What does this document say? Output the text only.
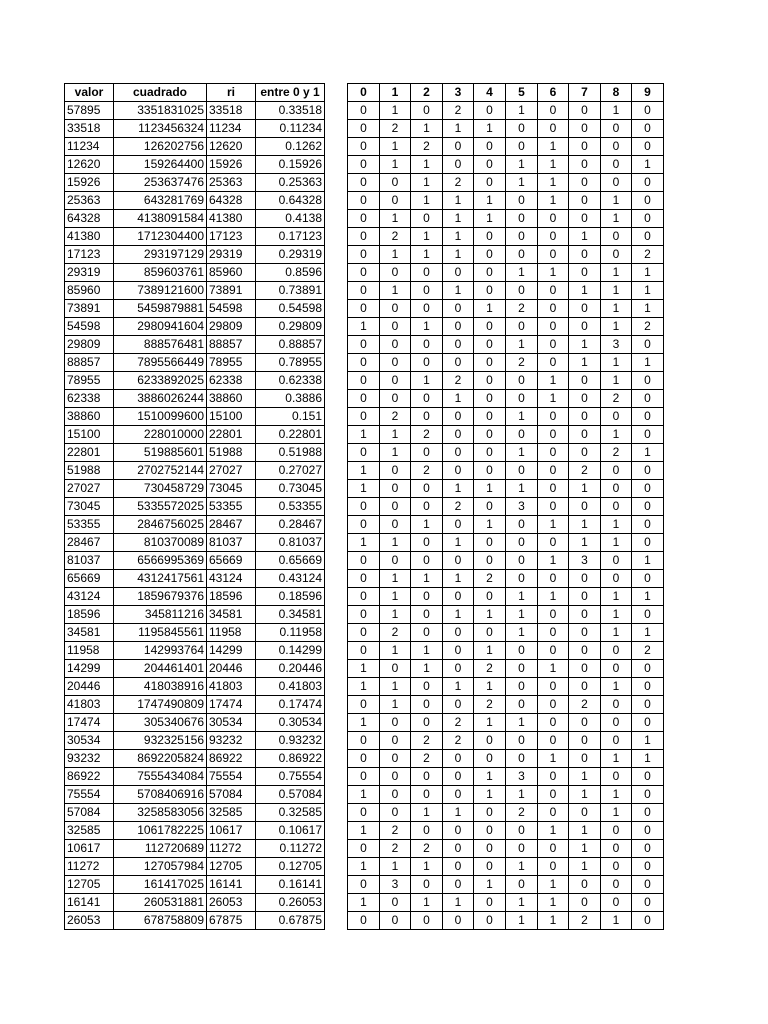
valor	cuadrado	ri	entre 0 y 1
57895	3351831025	33518	0.33518
33518	1123456324	11234	0.11234
11234	126202756	12620	0.1262
12620	159264400	15926	0.15926
15926	253637476	25363	0.25363
25363	643281769	64328	0.64328
64328	4138091584	41380	0.4138
41380	1712304400	17123	0.17123
17123	293197129	29319	0.29319
29319	859603761	85960	0.8596
85960	7389121600	73891	0.73891
73891	5459879881	54598	0.54598
54598	2980941604	29809	0.29809
29809	888576481	88857	0.88857
88857	7895566449	78955	0.78955
78955	6233892025	62338	0.62338
62338	3886026244	38860	0.3886
38860	1510099600	15100	0.151
15100	228010000	22801	0.22801
22801	519885601	51988	0.51988
51988	2702752144	27027	0.27027
27027	730458729	73045	0.73045
73045	5335572025	53355	0.53355
53355	2846756025	28467	0.28467
28467	810370089	81037	0.81037
81037	6566995369	65669	0.65669
65669	4312417561	43124	0.43124
43124	1859679376	18596	0.18596
18596	345811216	34581	0.34581
34581	1195845561	11958	0.11958
11958	142993764	14299	0.14299
14299	204461401	20446	0.20446
20446	418038916	41803	0.41803
41803	1747490809	17474	0.17474
17474	305340676	30534	0.30534
30534	932325156	93232	0.93232
93232	8692205824	86922	0.86922
86922	7555434084	75554	0.75554
75554	5708406916	57084	0.57084
57084	3258583056	32585	0.32585
32585	1061782225	10617	0.10617
10617	112720689	11272	0.11272
11272	127057984	12705	0.12705
12705	161417025	16141	0.16141
16141	260531881	26053	0.26053
26053	678758809	67875	0.67875
0	1	2	3	4	5	6	7	8	9
0	1	0	2	0	1	0	0	1	0
0	2	1	1	1	0	0	0	0	0
0	1	2	0	0	0	1	0	0	0
0	1	1	0	0	1	1	0	0	1
0	0	1	2	0	1	1	0	0	0
0	0	1	1	1	0	1	0	1	0
0	1	0	1	1	0	0	0	1	0
0	2	1	1	0	0	0	1	0	0
0	1	1	1	0	0	0	0	0	2
0	0	0	0	0	1	1	0	1	1
0	1	0	1	0	0	0	1	1	1
0	0	0	0	1	2	0	0	1	1
1	0	1	0	0	0	0	0	1	2
0	0	0	0	0	1	0	1	3	0
0	0	0	0	0	2	0	1	1	1
0	0	1	2	0	0	1	0	1	0
0	0	0	1	0	0	1	0	2	0
0	2	0	0	0	1	0	0	0	0
1	1	2	0	0	0	0	0	1	0
0	1	0	0	0	1	0	0	2	1
1	0	2	0	0	0	0	2	0	0
1	0	0	1	1	1	0	1	0	0
0	0	0	2	0	3	0	0	0	0
0	0	1	0	1	0	1	1	1	0
1	1	0	1	0	0	0	1	1	0
0	0	0	0	0	0	1	3	0	1
0	1	1	1	2	0	0	0	0	0
0	1	0	0	0	1	1	0	1	1
0	1	0	1	1	1	0	0	1	0
0	2	0	0	0	1	0	0	1	1
0	1	1	0	1	0	0	0	0	2
1	0	1	0	2	0	1	0	0	0
1	1	0	1	1	0	0	0	1	0
0	1	0	0	2	0	0	2	0	0
1	0	0	2	1	1	0	0	0	0
0	0	2	2	0	0	0	0	0	1
0	0	2	0	0	0	1	0	1	1
0	0	0	0	1	3	0	1	0	0
1	0	0	0	1	1	0	1	1	0
0	0	1	1	0	2	0	0	1	0
1	2	0	0	0	0	1	1	0	0
0	2	2	0	0	0	0	1	0	0
1	1	1	0	0	1	0	1	0	0
0	3	0	0	1	0	1	0	0	0
1	0	1	1	0	1	1	0	0	0
0	0	0	0	0	1	1	2	1	0
